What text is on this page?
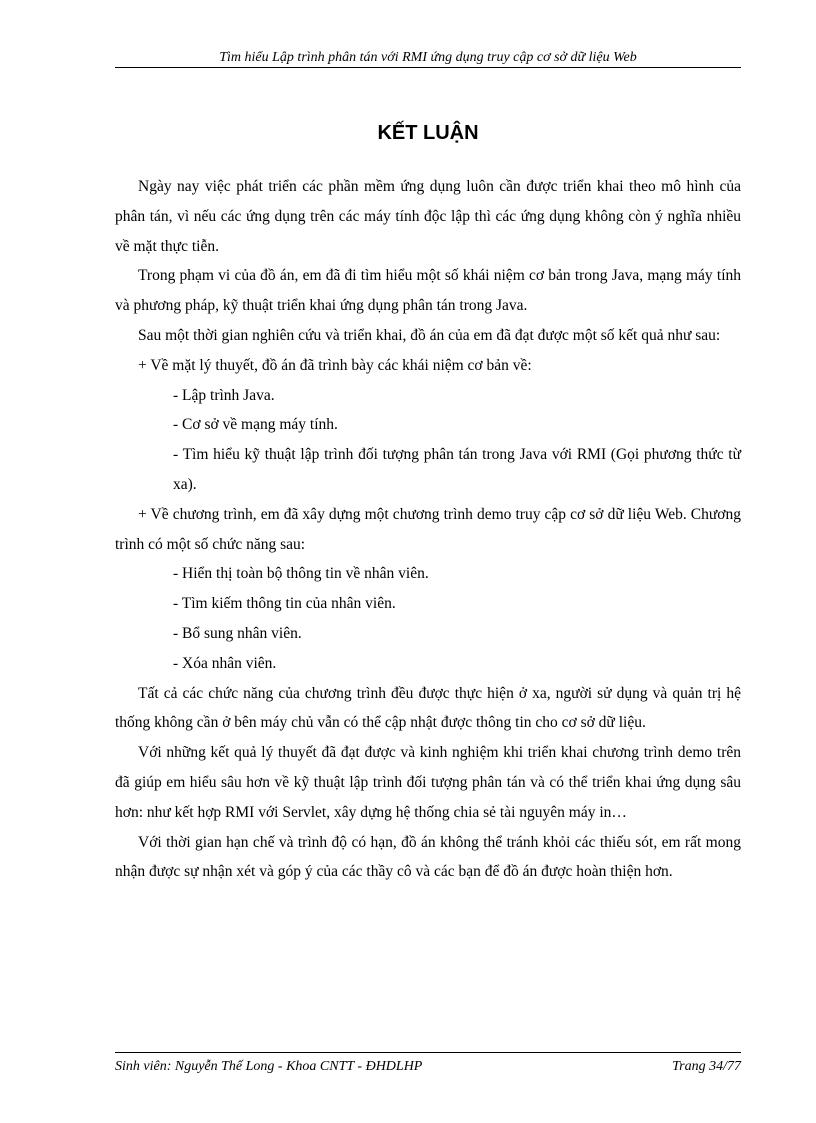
Tìm hiểu Lập trình phân tán với RMI ứng dụng truy cập cơ sở dữ liệu Web
KẾT LUẬN

Ngày nay việc phát triển các phần mềm ứng dụng luôn cần được triển khai theo mô hình của phân tán, vì nếu các ứng dụng trên các máy tính độc lập thì các ứng dụng không còn ý nghĩa nhiều về mặt thực tiễn.

Trong phạm vi của đồ án, em đã đi tìm hiểu một số khái niệm cơ bản trong Java, mạng máy tính và phương pháp, kỹ thuật triển khai ứng dụng phân tán trong Java.

Sau một thời gian nghiên cứu và triển khai, đồ án của em đã đạt được một số kết quả như sau:

+ Về mặt lý thuyết, đồ án đã trình bày các khái niệm cơ bản về:

- Lập trình Java.

- Cơ sở về mạng máy tính.

- Tìm hiểu kỹ thuật lập trình đối tượng phân tán trong Java với RMI (Gọi phương thức từ xa).

+ Về chương trình, em đã xây dựng một chương trình demo truy cập cơ sở dữ liệu Web. Chương trình có một số chức năng sau:

- Hiển thị toàn bộ thông tin về nhân viên.

- Tìm kiếm thông tin của nhân viên.

- Bổ sung nhân viên.

- Xóa nhân viên.

Tất cả các chức năng của chương trình đều được thực hiện ở xa, người sử dụng và quản trị hệ thống không cần ở bên máy chủ vẫn có thể cập nhật được thông tin cho cơ sở dữ liệu.

Với những kết quả lý thuyết đã đạt được và kinh nghiệm khi triển khai chương trình demo trên đã giúp em hiểu sâu hơn về kỹ thuật lập trình đối tượng phân tán và có thể triển khai ứng dụng sâu hơn: như kết hợp RMI với Servlet, xây dựng hệ thống chia sẻ tài nguyên máy in…

Với thời gian hạn chế và trình độ có hạn, đồ án không thể tránh khỏi các thiếu sót, em rất mong nhận được sự nhận xét và góp ý của các thầy cô và các bạn để đồ án được hoàn thiện hơn.

Sinh viên: Nguyễn Thế Long - Khoa CNTT - ĐHDLHP	Trang 34/77
